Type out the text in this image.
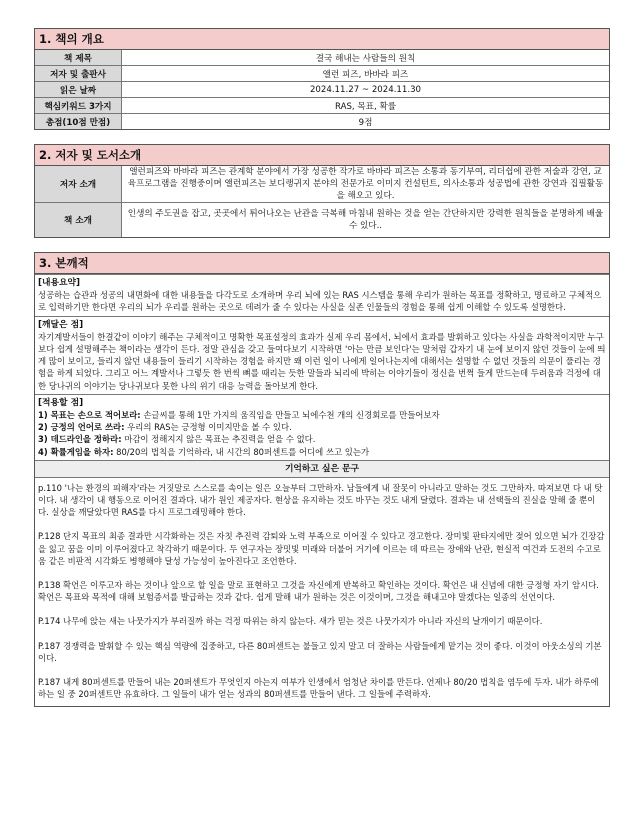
1. 책의 개요
책 제목	결국 해내는 사람들의 원칙
저자 및 출판사	앨런 피즈, 바바라 피즈
읽은 날짜	2024.11.27 ~ 2024.11.30
핵심키워드 3가지	RAS, 목표, 확률
총점(10점 만점)	9점
2. 저자 및 도서소개
저자 소개	앨런피즈와 바바라 피즈는 관계학 분야에서 가장 성공한 작가로 바바라 피즈는 소통과 동기부여, 리더쉽에 관한 저술과 강연, 교육프로그램을 진행중이며 앨런피즈는 보디랭귀지 분야의 전문가로 이미지 컨설턴트, 의사소통과 성공법에 관한 강연과 집필활동을 해오고 있다.
책 소개	인생의 주도권을 잡고, 곳곳에서 튀어나오는 난관을 극복해 마침내 원하는 것을 얻는 간단하지만 강력한 원칙들을 분명하게 배울 수 있다..
3. 본깨적
[내용요약]
성공하는 습관과 성공의 내면화에 대한 내용들을 다각도로 소개하며 우리 뇌에 있는 RAS 시스템을 통해 우리가 원하는 목표를 정확하고, 명료하고 구체적으로 입력하기만 한다면 우리의 뇌가 우리를 원하는 곳으로 데려가 줄 수 있다는 사실을 실존 인물들의 경험을 통해 쉽게 이해할 수 있도록 설명한다.
[깨달은 점]
자기계발서들이 한결같이 이야기 해주는 구체적이고 명확한 목표설정의 효과가 실제 우리 몸에서, 뇌에서 효과를 발휘하고 있다는 사실을 과학적이지만 누구보다 쉽게 설명해주는 책이라는 생각이 든다. 정말 관심을 갖고 들여다보기 시작하면 '아는 만큼 보인다'는 말처럼 갑자기 내 눈에 보이지 않던 것들이 눈에 띄게 많이 보이고, 들리지 않던 내용들이 들리기 시작하는 경험을 하지만 왜 이런 일이 나에게 일어나는지에 대해서는 설명할 수 없던 것들의 의문이 풀리는 경험을 하게 되었다. 그리고 어느 계발서나 그렇듯 한 번씩 뼈를 때리는 듯한 말들과 뇌리에 박히는 이야기들이 정신을 번쩍 들게 만드는데 두려움과 걱정에 대한 당나귀의 이야기는 당나귀보다 못한 나의 위기 대응 능력을 돌아보게 한다.
[적용할 점]
1) 목표는 손으로 적어보라: 손글씨를 통해 1만 가지의 움직임을 만들고 뇌에수천 개의 신경회로를 만들어보자
2) 긍정의 언어로 쓰라: 우리의 RAS는 긍정형 이미지만을 볼 수 있다.
3) 데드라인을 정하라: 마감이 정해지지 않은 목표는 추진력을 얻을 수 없다.
4) 확률게임을 하자: 80/20의 법칙을 기억하라, 내 시간의 80퍼센트를 어디에 쓰고 있는가
기억하고 싶은 문구
p.110 '나는 환경의 피해자'라는 거짓말로 스스로를 속이는 일은 오늘부터 그만하자. 남들에게 내 잘못이 아니라고 말하는 것도 그만하자. 따져보면 다 내 탓이다. 내 생각이 내 행동으로 이어진 결과다. 내가 원인 제공자다. 현상을 유지하는 것도 바꾸는 것도 내게 달렸다. 결과는 내 선택들의 진실을 말해 줄 뿐이다. 실상을 깨달았다면 RAS를 다시 프로그래밍해야 한다.
P.128 단지 목표의 최종 결과만 시각화하는 것은 자칫 추진력 감퇴와 노력 부족으로 이어질 수 있다고 경고한다. 장미빛 판타지에만 젖어 있으면 뇌가 긴장감을 잃고 꿈을 이미 이루어졌다고 착각하기 때문이다. 두 연구자는 장밋빛 미래와 더불어 거기에 이르는 데 따르는 장애와 난관, 현실적 여건과 도전의 수고로움 같은 비판적 시각화도 병행해야 달성 가능성이 높아진다고 조언한다.
P.138 확언은 이루고자 하는 것이나 앞으로 할 일을 말로 표현하고 그것을 자신에게 반복하고 확인하는 것이다. 확언은 내 신념에 대한 긍정형 자기 암시다. 확언은 목표와 목적에 대해 보험증서를 발급하는 것과 같다. 쉽게 말해 내가 원하는 것은 이것이며, 그것을 해내고야 말겠다는 일종의 선언이다.
P.174 나무에 앉는 새는 나뭇가지가 부러질까 하는 걱정 따위는 하지 않는다. 새가 믿는 것은 나뭇가지가 아니라 자신의 날개이기 때문이다.
P.187 경쟁력을 발휘할 수 있는 핵심 역량에 집중하고, 다른 80퍼센트는 불들고 있지 말고 더 잘하는 사람들에게 맡기는 것이 좋다. 이것이 아웃소싱의 기본이다.
P.187 내게 80퍼센트를 만들어 내는 20퍼센트가 무엇인지 아는지 여부가 인생에서 엄청난 차이를 만든다. 언제나 80/20 법칙을 염두에 두자. 내가 하루에 하는 일 중 20퍼센트만 유효하다. 그 일들이 내가 얻는 성과의 80퍼센트를 만들어 낸다. 그 일들에 주력하자.
